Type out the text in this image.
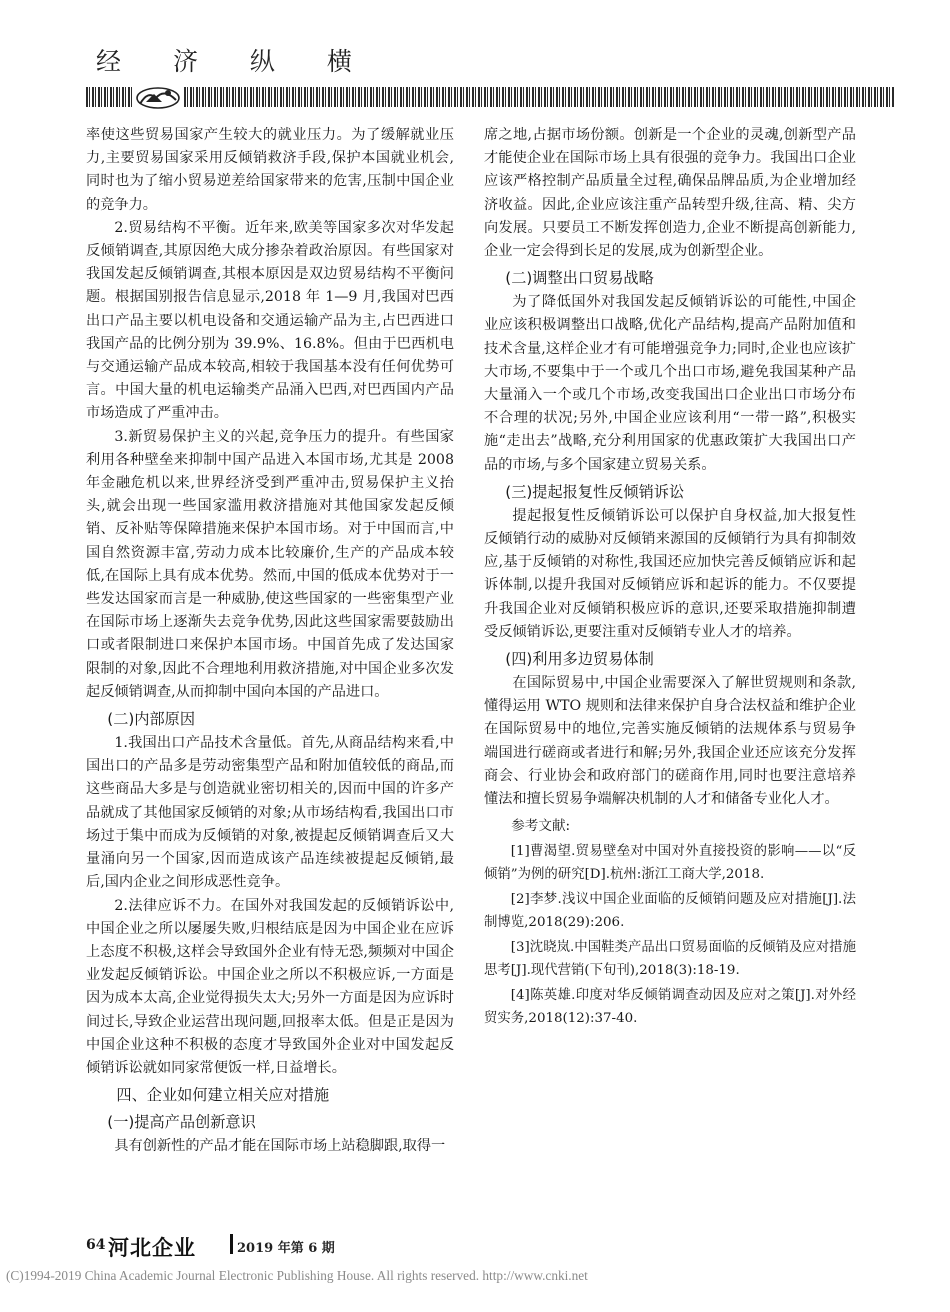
经 济 纵 横

率使这些贸易国家产生较大的就业压力。为了缓解就业压力,主要贸易国家采用反倾销救济手段,保护本国就业机会,同时也为了缩小贸易逆差给国家带来的危害,压制中国企业的竞争力。

2.贸易结构不平衡。近年来,欧美等国家多次对华发起反倾销调查,其原因绝大成分掺杂着政治原因。有些国家对我国发起反倾销调查,其根本原因是双边贸易结构不平衡问题。根据国别报告信息显示,2018 年 1—9 月,我国对巴西出口产品主要以机电设备和交通运输产品为主,占巴西进口我国产品的比例分别为 39.9%、16.8%。但由于巴西机电与交通运输产品成本较高,相较于我国基本没有任何优势可言。中国大量的机电运输类产品涌入巴西,对巴西国内产品市场造成了严重冲击。

3.新贸易保护主义的兴起,竞争压力的提升。有些国家利用各种壁垒来抑制中国产品进入本国市场,尤其是 2008 年金融危机以来,世界经济受到严重冲击,贸易保护主义抬头,就会出现一些国家滥用救济措施对其他国家发起反倾销、反补贴等保障措施来保护本国市场。对于中国而言,中国自然资源丰富,劳动力成本比较廉价,生产的产品成本较低,在国际上具有成本优势。然而,中国的低成本优势对于一些发达国家而言是一种威胁,使这些国家的一些密集型产业在国际市场上逐渐失去竞争优势,因此这些国家需要鼓励出口或者限制进口来保护本国市场。中国首先成了发达国家限制的对象,因此不合理地利用救济措施,对中国企业多次发起反倾销调查,从而抑制中国向本国的产品进口。

(二)内部原因

1.我国出口产品技术含量低。首先,从商品结构来看,中国出口的产品多是劳动密集型产品和附加值较低的商品,而这些商品大多是与创造就业密切相关的,因而中国的许多产品就成了其他国家反倾销的对象;从市场结构看,我国出口市场过于集中而成为反倾销的对象,被提起反倾销调查后又大量涌向另一个国家,因而造成该产品连续被提起反倾销,最后,国内企业之间形成恶性竞争。

2.法律应诉不力。在国外对我国发起的反倾销诉讼中,中国企业之所以屡屡失败,归根结底是因为中国企业在应诉上态度不积极,这样会导致国外企业有恃无恐,频频对中国企业发起反倾销诉讼。中国企业之所以不积极应诉,一方面是因为成本太高,企业觉得损失太大;另外一方面是因为应诉时间过长,导致企业运营出现问题,回报率太低。但是正是因为中国企业这种不积极的态度才导致国外企业对中国发起反倾销诉讼就如同家常便饭一样,日益增长。

四、企业如何建立相关应对措施
(一)提高产品创新意识

具有创新性的产品才能在国际市场上站稳脚跟,取得一

席之地,占据市场份额。创新是一个企业的灵魂,创新型产品才能使企业在国际市场上具有很强的竞争力。我国出口企业应该严格控制产品质量全过程,确保品牌品质,为企业增加经济收益。因此,企业应该注重产品转型升级,往高、精、尖方向发展。只要员工不断发挥创造力,企业不断提高创新能力,企业一定会得到长足的发展,成为创新型企业。

(二)调整出口贸易战略

为了降低国外对我国发起反倾销诉讼的可能性,中国企业应该积极调整出口战略,优化产品结构,提高产品附加值和技术含量,这样企业才有可能增强竞争力;同时,企业也应该扩大市场,不要集中于一个或几个出口市场,避免我国某种产品大量涌入一个或几个市场,改变我国出口企业出口市场分布不合理的状况;另外,中国企业应该利用“一带一路”,积极实施“走出去”战略,充分利用国家的优惠政策扩大我国出口产品的市场,与多个国家建立贸易关系。

(三)提起报复性反倾销诉讼

提起报复性反倾销诉讼可以保护自身权益,加大报复性反倾销行动的威胁对反倾销来源国的反倾销行为具有抑制效应,基于反倾销的对称性,我国还应加快完善反倾销应诉和起诉体制,以提升我国对反倾销应诉和起诉的能力。不仅要提升我国企业对反倾销积极应诉的意识,还要采取措施抑制遭受反倾销诉讼,更要注重对反倾销专业人才的培养。

(四)利用多边贸易体制

在国际贸易中,中国企业需要深入了解世贸规则和条款,懂得运用 WTO 规则和法律来保护自身合法权益和维护企业在国际贸易中的地位,完善实施反倾销的法规体系与贸易争端国进行磋商或者进行和解;另外,我国企业还应该充分发挥商会、行业协会和政府部门的磋商作用,同时也要注意培养懂法和擅长贸易争端解决机制的人才和储备专业化人才。

参考文献:

[1]曹渴望.贸易壁垒对中国对外直接投资的影响——以“反倾销”为例的研究[D].杭州:浙江工商大学,2018.

[2]李梦.浅议中国企业面临的反倾销问题及应对措施[J].法制博览,2018(29):206.

[3]沈晓岚.中国鞋类产品出口贸易面临的反倾销及应对措施思考[J].现代营销(下旬刊),2018(3):18-19.

[4]陈英雄.印度对华反倾销调查动因及应对之策[J].对外经贸实务,2018(12):37-40.

64 河北企业	2019 年第 6 期
(C)1994-2019 China Academic Journal Electronic Publishing House. All rights reserved. http://www.cnki.net
